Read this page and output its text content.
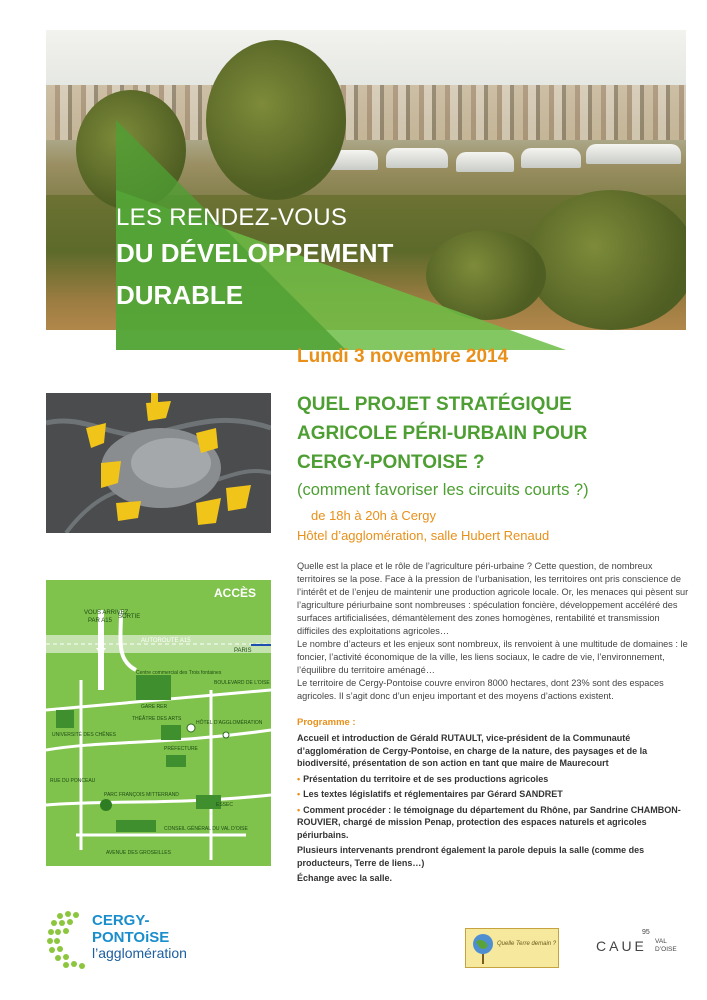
LES RENDEZ-VOUS
DU DÉVELOPPEMENT
DURABLE
Lundi 3 novembre 2014
QUEL PROJET STRATÉGIQUE
AGRICOLE PÉRI-URBAIN POUR
CERGY-PONTOISE ?
(comment favoriser les circuits courts ?)
de 18h à 20h à Cergy
Hôtel d’agglomération, salle Hubert Renaud
ACCÈS
VOUS ARRIVEZ
PAR A15
SORTIE
AUTOROUTE A15
PARIS
HÔTEL D’AGGLOMÉRATION
Centre commercial des Trois fontaines
GARE RER
THÉÂTRE DES ARTS
PRÉFECTURE
UNIVERSITÉ DES CHÊNES
PARC FRANÇOIS MITTERRAND
ESSEC
RUE DU PONCEAU
BOULEVARD DE L’OISE
AVENUE DES GROSEILLES
CONSEIL GÉNÉRAL DU VAL D’OISE
Quelle est la place et le rôle de l’agriculture péri-urbaine ? Cette question, de nombreux territoires se la pose. Face à la pression de l’urbanisation, les territoires ont pris conscience de l’intérêt et de l’enjeu de maintenir une production agricole locale. Or, les menaces qui pèsent sur l’agriculture périurbaine sont nombreuses : spéculation foncière, développement accéléré des surfaces artificialisées, démantèlement des zones homogènes, rentabilité et transmission difficiles des exploitations agricoles…
Le nombre d’acteurs et les enjeux sont nombreux, ils renvoient à une multitude de domaines : le foncier, l’activité économique de la ville, les liens sociaux, le cadre de vie, l’environnement, l’équilibre du territoire aménagé…
Le territoire de Cergy-Pontoise couvre environ 8000 hectares, dont 23% sont des espaces agricoles. Il s’agit donc d’un enjeu important et des moyens d’actions existent.
Programme :
Accueil et introduction de Gérald RUTAULT, vice-président de la Communauté d’agglomération de Cergy-Pontoise, en charge de la nature, des paysages et de la biodiversité, présentation de son action en tant que maire de Maurecourt
• Présentation du territoire et de ses productions agricoles
• Les textes législatifs et réglementaires par Gérard SANDRET
• Comment procéder : le témoignage du département du Rhône, par Sandrine CHAMBON-ROUVIER, chargé de mission Penap, protection des espaces naturels et agricoles périurbains.
Plusieurs intervenants prendront également la parole depuis la salle (comme des producteurs, Terre de liens…)
Échange avec la salle.
CERGY-
PONTOiSE
l’agglomération
Quelle Terre demain ?	CAUE
95
VAL
D’OISE
